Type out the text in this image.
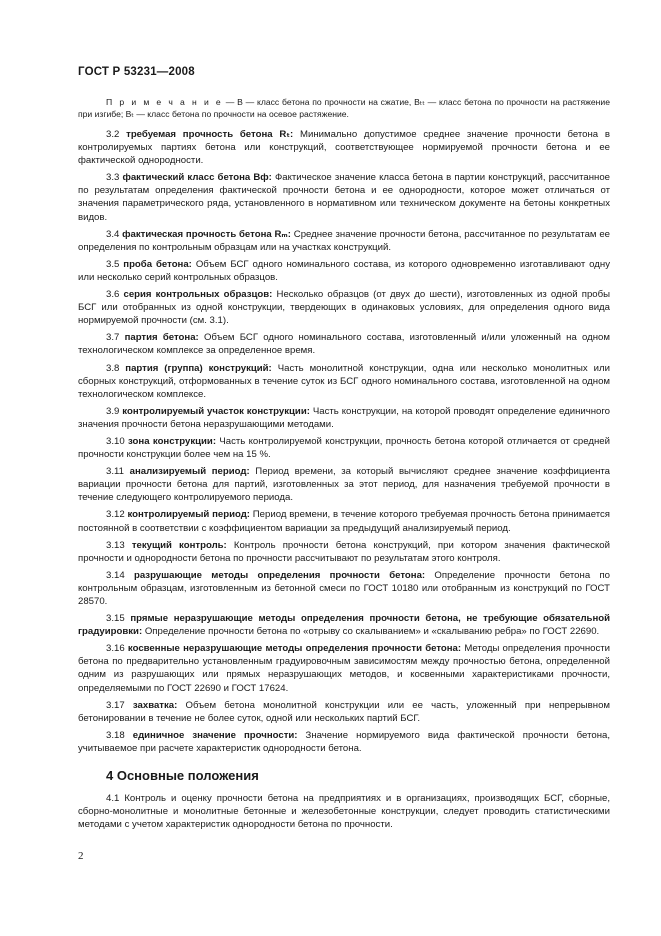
ГОСТ Р 53231—2008

П р и м е ч а н и е — В — класс бетона по прочности на сжатие, Вₜₜ — класс бетона по прочности на растяжение при изгибе; Bₜ — класс бетона по прочности на осевое растяжение.

3.2 требуемая прочность бетона Rₜ: Минимально допустимое среднее значение прочности бетона в контролируемых партиях бетона или конструкций, соответствующее нормируемой прочности бетона и ее фактической однородности.

3.3 фактический класс бетона Bф: Фактическое значение класса бетона в партии конструкций, рассчитанное по результатам определения фактической прочности бетона и ее однородности, которое может отличаться от значения параметрического ряда, установленного в нормативном или техническом документе на бетоны конкретных видов.

3.4 фактическая прочность бетона Rₘ: Среднее значение прочности бетона, рассчитанное по результатам ее определения по контрольным образцам или на участках конструкций.

3.5 проба бетона: Объем БСГ одного номинального состава, из которого одновременно изготавливают одну или несколько серий контрольных образцов.

3.6 серия контрольных образцов: Несколько образцов (от двух до шести), изготовленных из одной пробы БСГ или отобранных из одной конструкции, твердеющих в одинаковых условиях, для определения одного вида нормируемой прочности (см. 3.1).

3.7 партия бетона: Объем БСГ одного номинального состава, изготовленный и/или уложенный на одном технологическом комплексе за определенное время.

3.8 партия (группа) конструкций: Часть монолитной конструкции, одна или несколько монолитных или сборных конструкций, отформованных в течение суток из БСГ одного номинального состава, изготовленной на одном технологическом комплексе.

3.9 контролируемый участок конструкции: Часть конструкции, на которой проводят определение единичного значения прочности бетона неразрушающими методами.

3.10 зона конструкции: Часть контролируемой конструкции, прочность бетона которой отличается от средней прочности конструкции более чем на 15 %.

3.11 анализируемый период: Период времени, за который вычисляют среднее значение коэффициента вариации прочности бетона для партий, изготовленных за этот период, для назначения требуемой прочности в течение следующего контролируемого периода.

3.12 контролируемый период: Период времени, в течение которого требуемая прочность бетона принимается постоянной в соответствии с коэффициентом вариации за предыдущий анализируемый период.

3.13 текущий контроль: Контроль прочности бетона конструкций, при котором значения фактической прочности и однородности бетона по прочности рассчитывают по результатам этого контроля.

3.14 разрушающие методы определения прочности бетона: Определение прочности бетона по контрольным образцам, изготовленным из бетонной смеси по ГОСТ 10180 или отобранным из конструкций по ГОСТ 28570.

3.15 прямые неразрушающие методы определения прочности бетона, не требующие обязательной градуировки: Определение прочности бетона по «отрыву со скалыванием» и «скалыванию ребра» по ГОСТ 22690.

3.16 косвенные неразрушающие методы определения прочности бетона: Методы определения прочности бетона по предварительно установленным градуировочным зависимостям между прочностью бетона, определенной одним из разрушающих или прямых неразрушающих методов, и косвенными характеристиками прочности, определяемыми по ГОСТ 22690 и ГОСТ 17624.

3.17 захватка: Объем бетона монолитной конструкции или ее часть, уложенный при непрерывном бетонировании в течение не более суток, одной или нескольких партий БСГ.

3.18 единичное значение прочности: Значение нормируемого вида фактической прочности бетона, учитываемое при расчете характеристик однородности бетона.

4 Основные положения

4.1 Контроль и оценку прочности бетона на предприятиях и в организациях, производящих БСГ, сборные, сборно-монолитные и монолитные бетонные и железобетонные конструкции, следует проводить статистическими методами с учетом характеристик однородности бетона по прочности.

2
